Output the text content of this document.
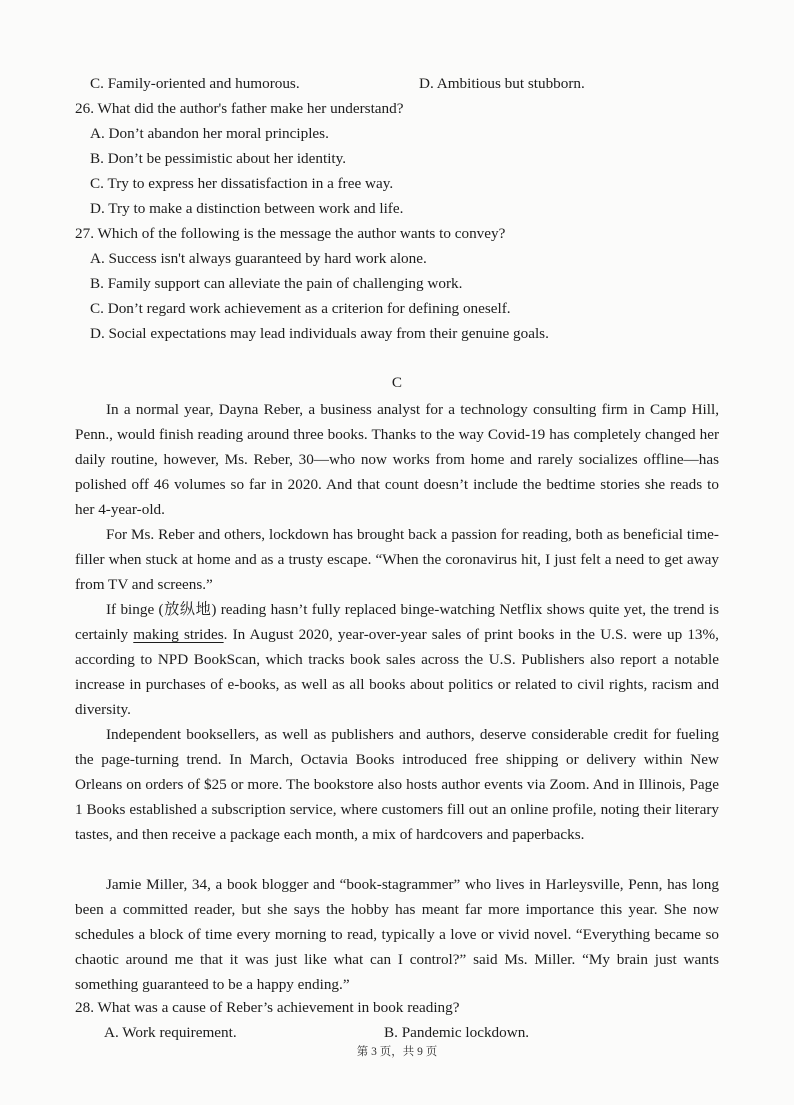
C. Family-oriented and humorous.	D. Ambitious but stubborn.
26. What did the author's father make her understand?
A. Don’t abandon her moral principles.
B. Don’t be pessimistic about her identity.
C. Try to express her dissatisfaction in a free way.
D. Try to make a distinction between work and life.
27. Which of the following is the message the author wants to convey?
A. Success isn't always guaranteed by hard work alone.
B. Family support can alleviate the pain of challenging work.
C. Don’t regard work achievement as a criterion for defining oneself.
D. Social expectations may lead individuals away from their genuine goals.
C

In a normal year, Dayna Reber, a business analyst for a technology consulting firm in Camp Hill, Penn., would finish reading around three books. Thanks to the way Covid-19 has completely changed her daily routine, however, Ms. Reber, 30—who now works from home and rarely socializes offline—has polished off 46 volumes so far in 2020. And that count doesn’t include the bedtime stories she reads to her 4-year-old.

For Ms. Reber and others, lockdown has brought back a passion for reading, both as beneficial time-filler when stuck at home and as a trusty escape. “When the coronavirus hit, I just felt a need to get away from TV and screens.”

If binge (放纵地) reading hasn’t fully replaced binge-watching Netflix shows quite yet, the trend is certainly making strides. In August 2020, year-over-year sales of print books in the U.S. were up 13%, according to NPD BookScan, which tracks book sales across the U.S. Publishers also report a notable increase in purchases of e-books, as well as all books about politics or related to civil rights, racism and diversity.

Independent booksellers, as well as publishers and authors, deserve considerable credit for fueling the page-turning trend. In March, Octavia Books introduced free shipping or delivery within New Orleans on orders of $25 or more. The bookstore also hosts author events via Zoom. And in Illinois, Page 1 Books established a subscription service, where customers fill out an online profile, noting their literary tastes, and then receive a package each month, a mix of hardcovers and paperbacks.

Jamie Miller, 34, a book blogger and “book-stagrammer” who lives in Harleysville, Penn, has long been a committed reader, but she says the hobby has meant far more importance this year. She now schedules a block of time every morning to read, typically a love or vivid novel. “Everything became so chaotic around me that it was just like what can I control?” said Ms. Miller. “My brain just wants something guaranteed to be a happy ending.”

28. What was a cause of Reber’s achievement in book reading?
A. Work requirement.	B. Pandemic lockdown.
第 3 页，共 9 页
